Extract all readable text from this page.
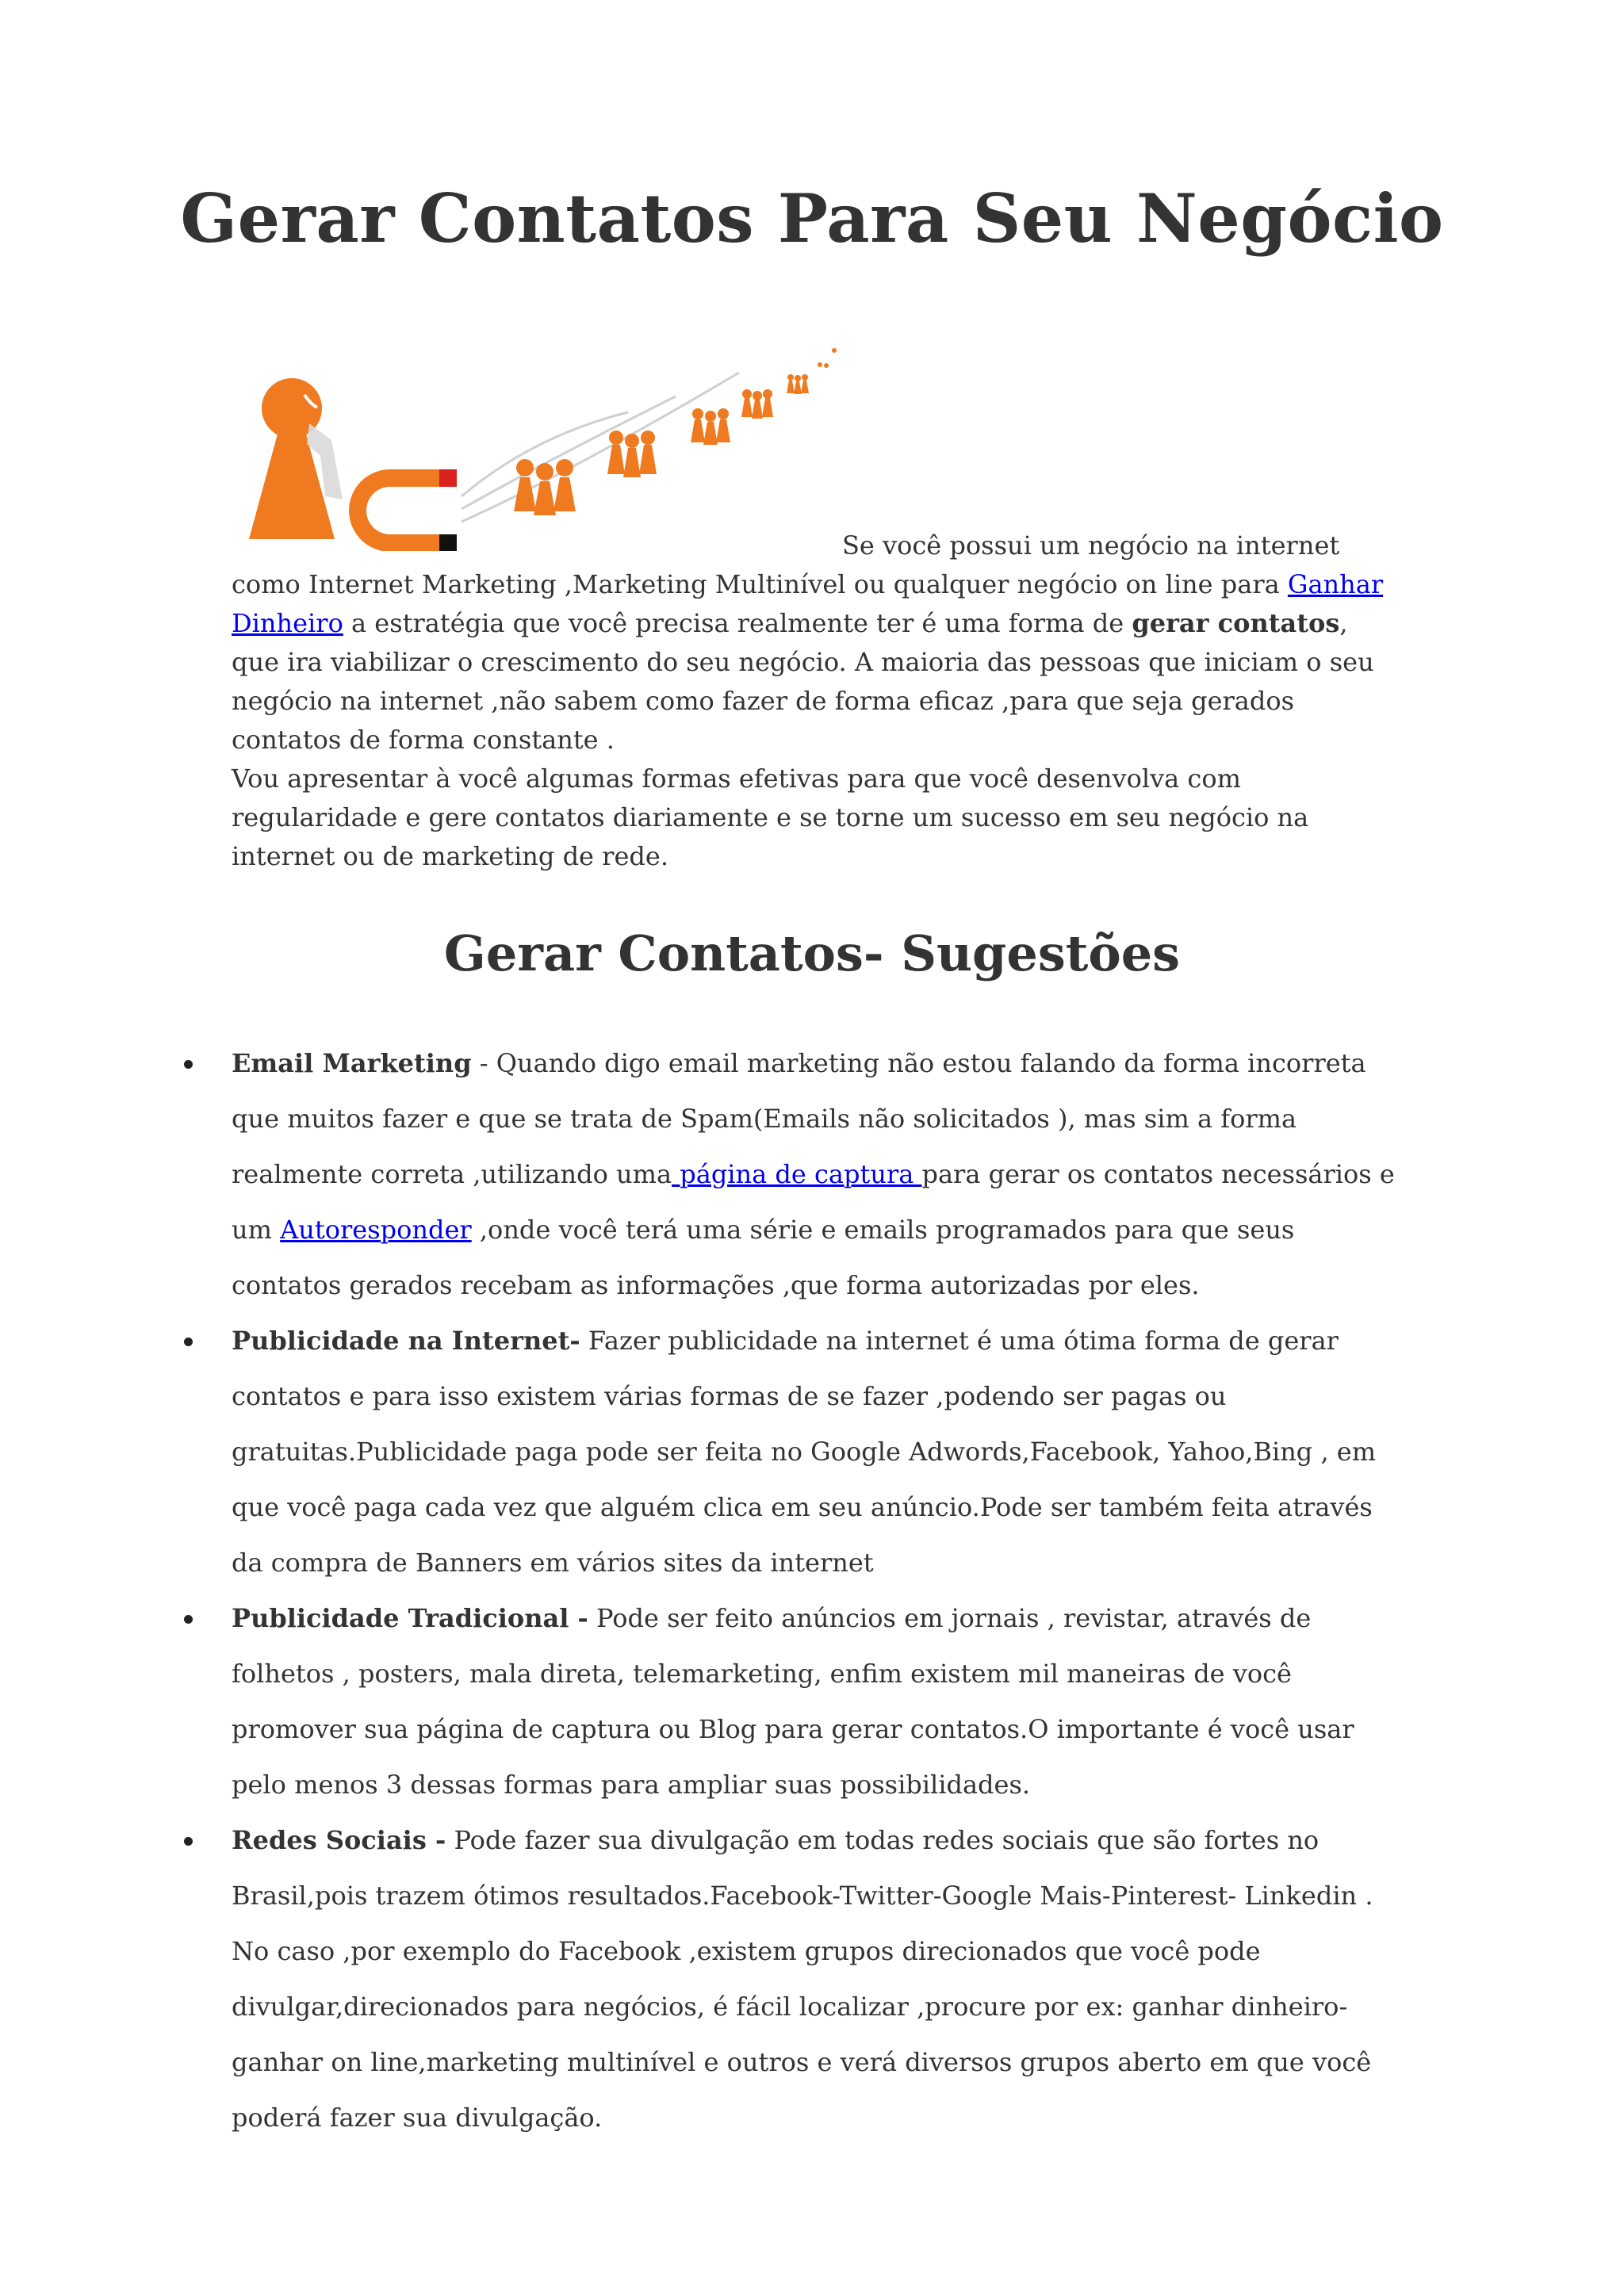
Gerar Contatos Para Seu Negócio

Se você possui um negócio na internet como Internet Marketing ,Marketing Multinível ou qualquer negócio on line para Ganhar Dinheiro a estratégia que você precisa realmente ter é uma forma de gerar contatos, que ira viabilizar o crescimento do seu negócio. A maioria das pessoas que iniciam o seu negócio na internet ,não sabem como fazer de forma eficaz ,para que seja gerados contatos de forma constante .

Vou apresentar à você algumas formas efetivas para que você desenvolva com regularidade e gere contatos diariamente e se torne um sucesso em seu negócio na internet ou de marketing de rede.

Gerar Contatos- Sugestões
Email Marketing - Quando digo email marketing não estou falando da forma incorreta que muitos fazer e que se trata de Spam(Emails não solicitados ), mas sim a forma realmente correta ,utilizando uma página de captura para gerar os contatos necessários e um Autoresponder ,onde você terá uma série e emails programados para que seus contatos gerados recebam as informações ,que forma autorizadas por eles.
Publicidade na Internet- Fazer publicidade na internet é uma ótima forma de gerar contatos e para isso existem várias formas de se fazer ,podendo ser pagas ou gratuitas.Publicidade paga pode ser feita no Google Adwords,Facebook, Yahoo,Bing , em que você paga cada vez que alguém clica em seu anúncio.Pode ser também feita através da compra de Banners em vários sites da internet
Publicidade Tradicional - Pode ser feito anúncios em jornais , revistar, através de folhetos , posters, mala direta, telemarketing, enfim existem mil maneiras de você promover sua página de captura ou Blog para gerar contatos.O importante é você usar pelo menos 3 dessas formas para ampliar suas possibilidades.
Redes Sociais - Pode fazer sua divulgação em todas redes sociais que são fortes no Brasil,pois trazem ótimos resultados.Facebook-Twitter-Google Mais-Pinterest- Linkedin . No caso ,por exemplo do Facebook ,existem grupos direcionados que você pode divulgar,direcionados para negócios, é fácil localizar ,procure por ex: ganhar dinheiro-ganhar on line,marketing multinível e outros e verá diversos grupos aberto em que você poderá fazer sua divulgação.
